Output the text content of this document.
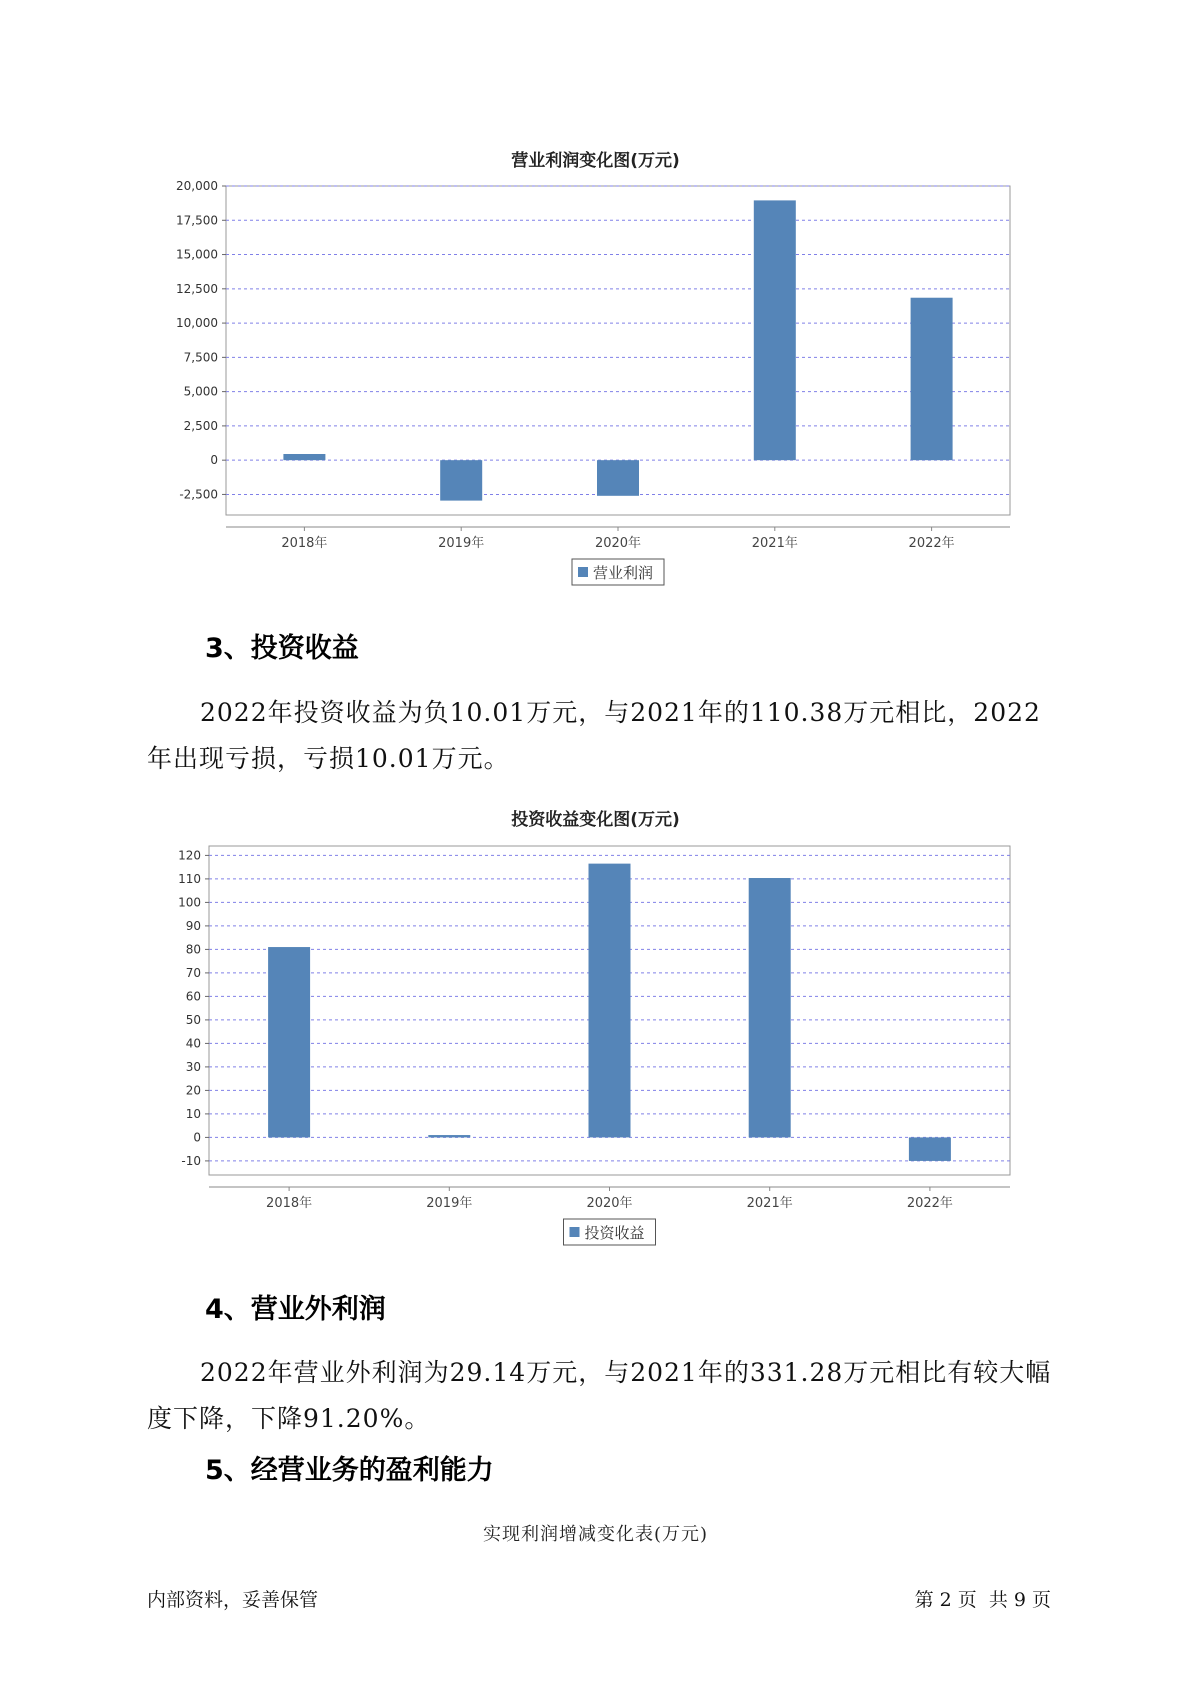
营业利润变化图(万元)
20,000
17,500
15,000
12,500
10,000
7,500
5,000
2,500
0
-2,500
2018年	2019年	2020年	2021年	2022年
营业利润
3、投资收益
2022年投资收益为负10.01万元，与2021年的110.38万元相比，2022年出现亏损，亏损10.01万元。
投资收益变化图(万元)
120
110
100
90
80
70
60
50
40
30
20
10
0
-10
2018年	2019年	2020年	2021年	2022年
投资收益
4、营业外利润
2022年营业外利润为29.14万元，与2021年的331.28万元相比有较大幅度下降，下降91.20%。
5、经营业务的盈利能力
实现利润增减变化表(万元)
内部资料，妥善保管	第 2 页  共 9 页
